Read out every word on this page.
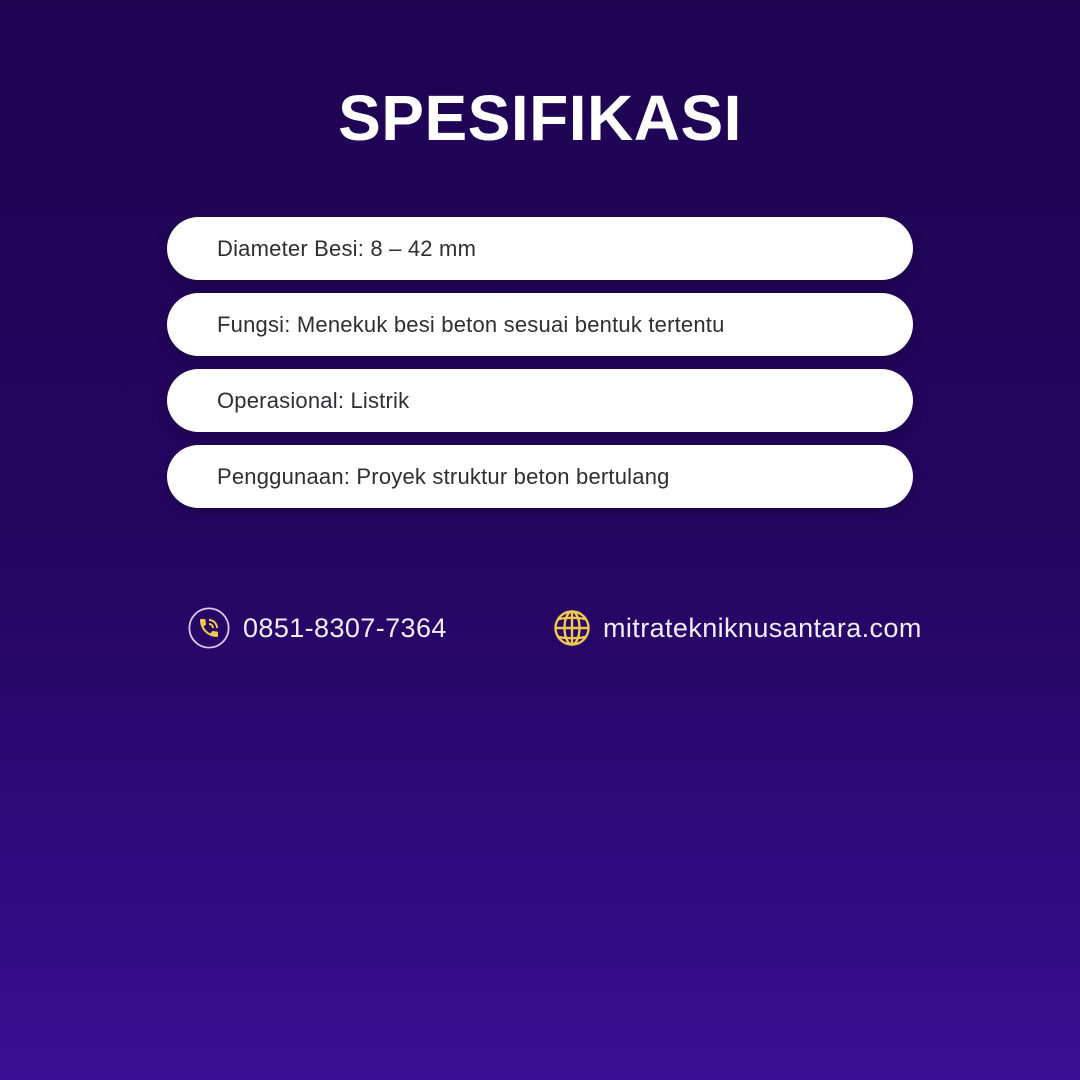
SPESIFIKASI
Diameter Besi: 8 – 42 mm
Fungsi: Menekuk besi beton sesuai bentuk tertentu
Operasional: Listrik
Penggunaan: Proyek struktur beton bertulang
0851-8307-7364	mitratekniknusantara.com
